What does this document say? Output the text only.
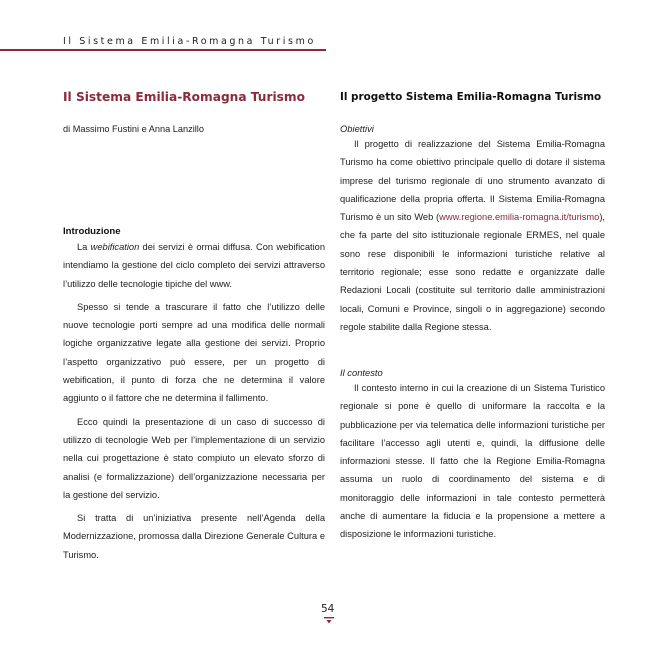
Il Sistema Emilia-Romagna Turismo
Il Sistema Emilia-Romagna Turismo
di Massimo Fustini e Anna Lanzillo
Introduzione

La webification dei servizi è ormai diffusa. Con webification intendiamo la gestione del ciclo completo dei servizi attraverso l’utilizzo delle tecnologie tipiche del www.

Spesso si tende a trascurare il fatto che l’utilizzo delle nuove tecnologie porti sempre ad una modifica delle normali logiche organizzative legate alla gestione dei servizi. Proprio l’aspetto organizzativo può essere, per un progetto di webification, il punto di forza che ne determina il valore aggiunto o il fattore che ne determina il fallimento.

Ecco quindi la presentazione di un caso di successo di utilizzo di tecnologie Web per l’implementazione di un servizio nella cui progettazione è stato compiuto un elevato sforzo di analisi (e formalizzazione) dell’organizzazione necessaria per la gestione del servizio.

Si tratta di un’iniziativa presente nell’Agenda della Modernizzazione, promossa dalla Direzione Generale Cultura e Turismo.

Il progetto Sistema Emilia-Romagna Turismo
Obiettivi

Il progetto di realizzazione del Sistema Emilia-Romagna Turismo ha come obiettivo principale quello di dotare il sistema imprese del turismo regionale di uno strumento avanzato di qualificazione della propria offerta. Il Sistema Emilia-Romagna Turismo è un sito Web (www.regione.emilia-romagna.it/turismo), che fa parte del sito istituzionale regionale ERMES, nel quale sono rese disponibili le informazioni turistiche relative al territorio regionale; esse sono redatte e organizzate dalle Redazioni Locali (costituite sul territorio dalle amministrazioni locali, Comuni e Province, singoli o in aggregazione) secondo regole stabilite dalla Regione stessa.

Il contesto

Il contesto interno in cui la creazione di un Sistema Turistico regionale si pone è quello di uniformare la raccolta e la pubblicazione per via telematica delle informazioni turistiche per facilitare l’accesso agli utenti e, quindi, la diffusione delle informazioni stesse. Il fatto che la Regione Emilia-Romagna assuma un ruolo di coordinamento del sistema e di monitoraggio delle informazioni in tale contesto permetterà anche di aumentare la fiducia e la propensione a mettere a disposizione le informazioni turistiche.

54
